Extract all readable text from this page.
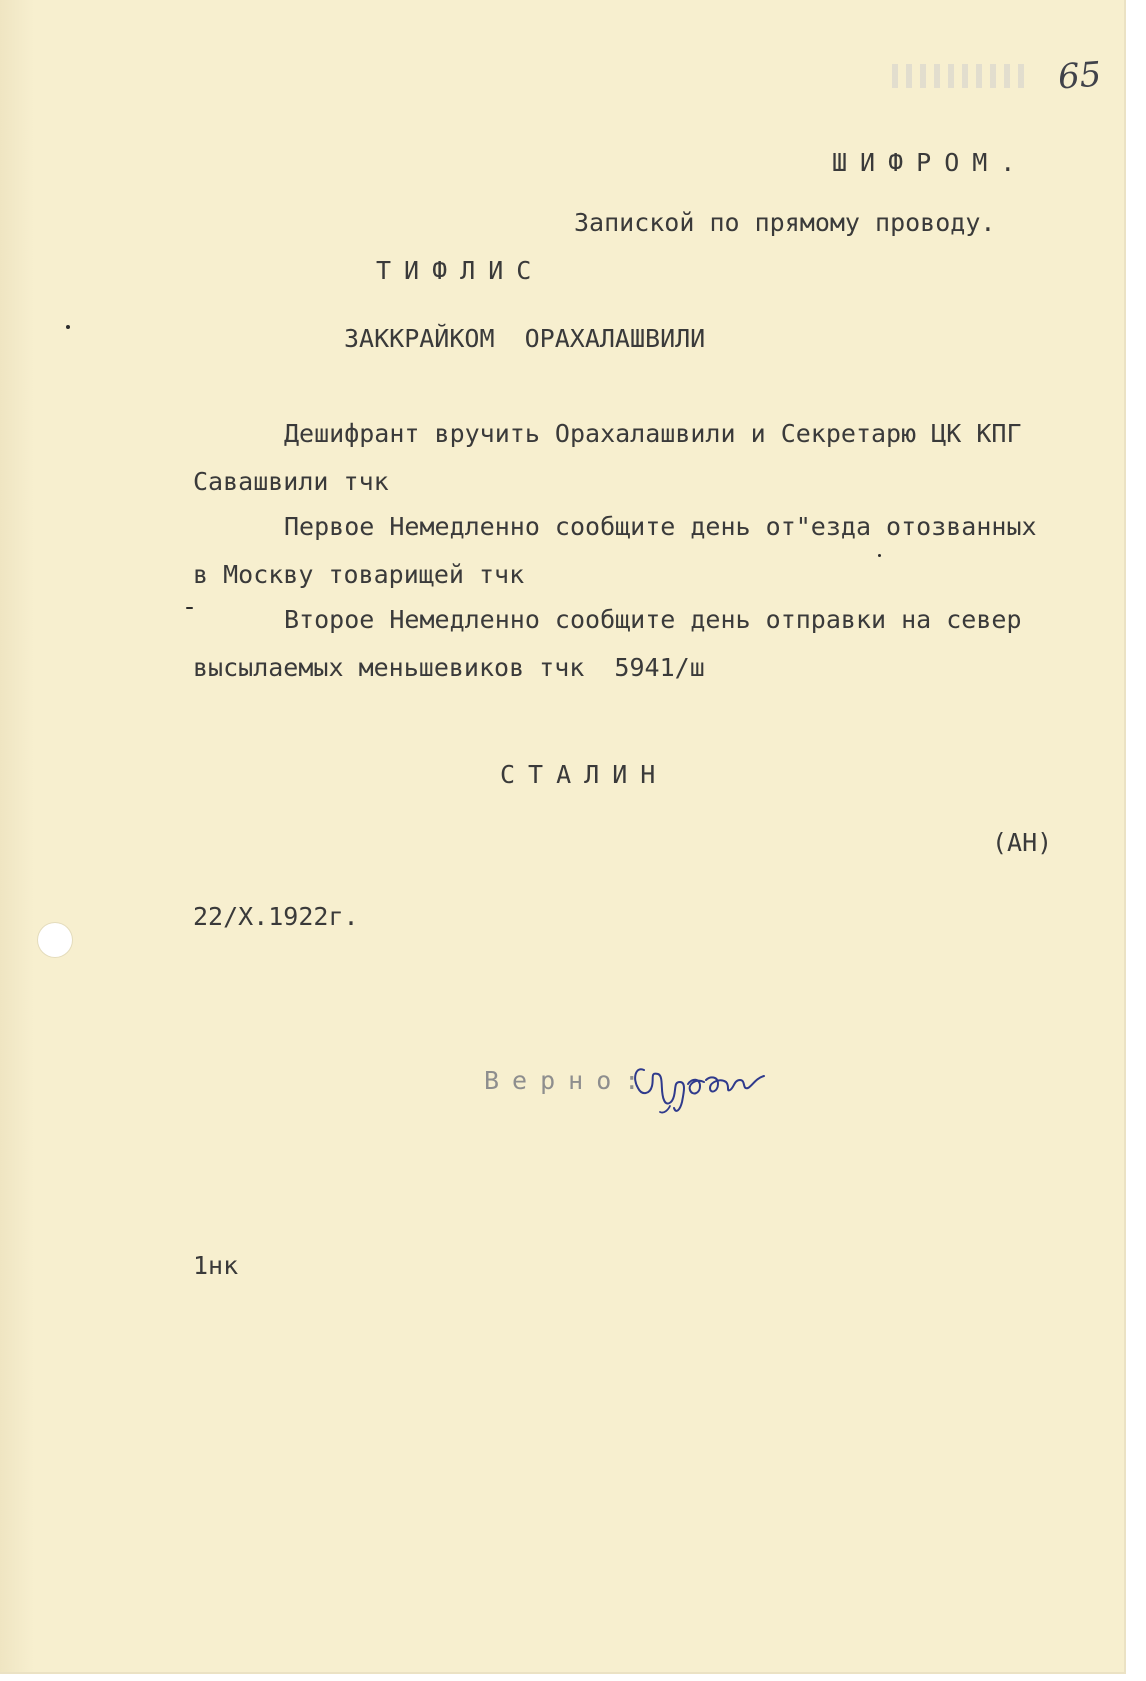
65
ШИФРОМ.
Запиской по прямому проводу.
ТИФЛИС
ЗАККРАЙКОМ  ОРАХАЛАШВИЛИ
Дешифрант вручить Орахалашвили и Секретарю ЦК КПГ
Савашвили тчк
Первое Немедленно сообщите день от"езда отозванных
в Москву товарищей тчк
Второе Немедленно сообщите день отправки на север
высылаемых меньшевиков тчк  5941/ш
СТАЛИН
(АН)
22/X.1922г.
Верно:
1нк
